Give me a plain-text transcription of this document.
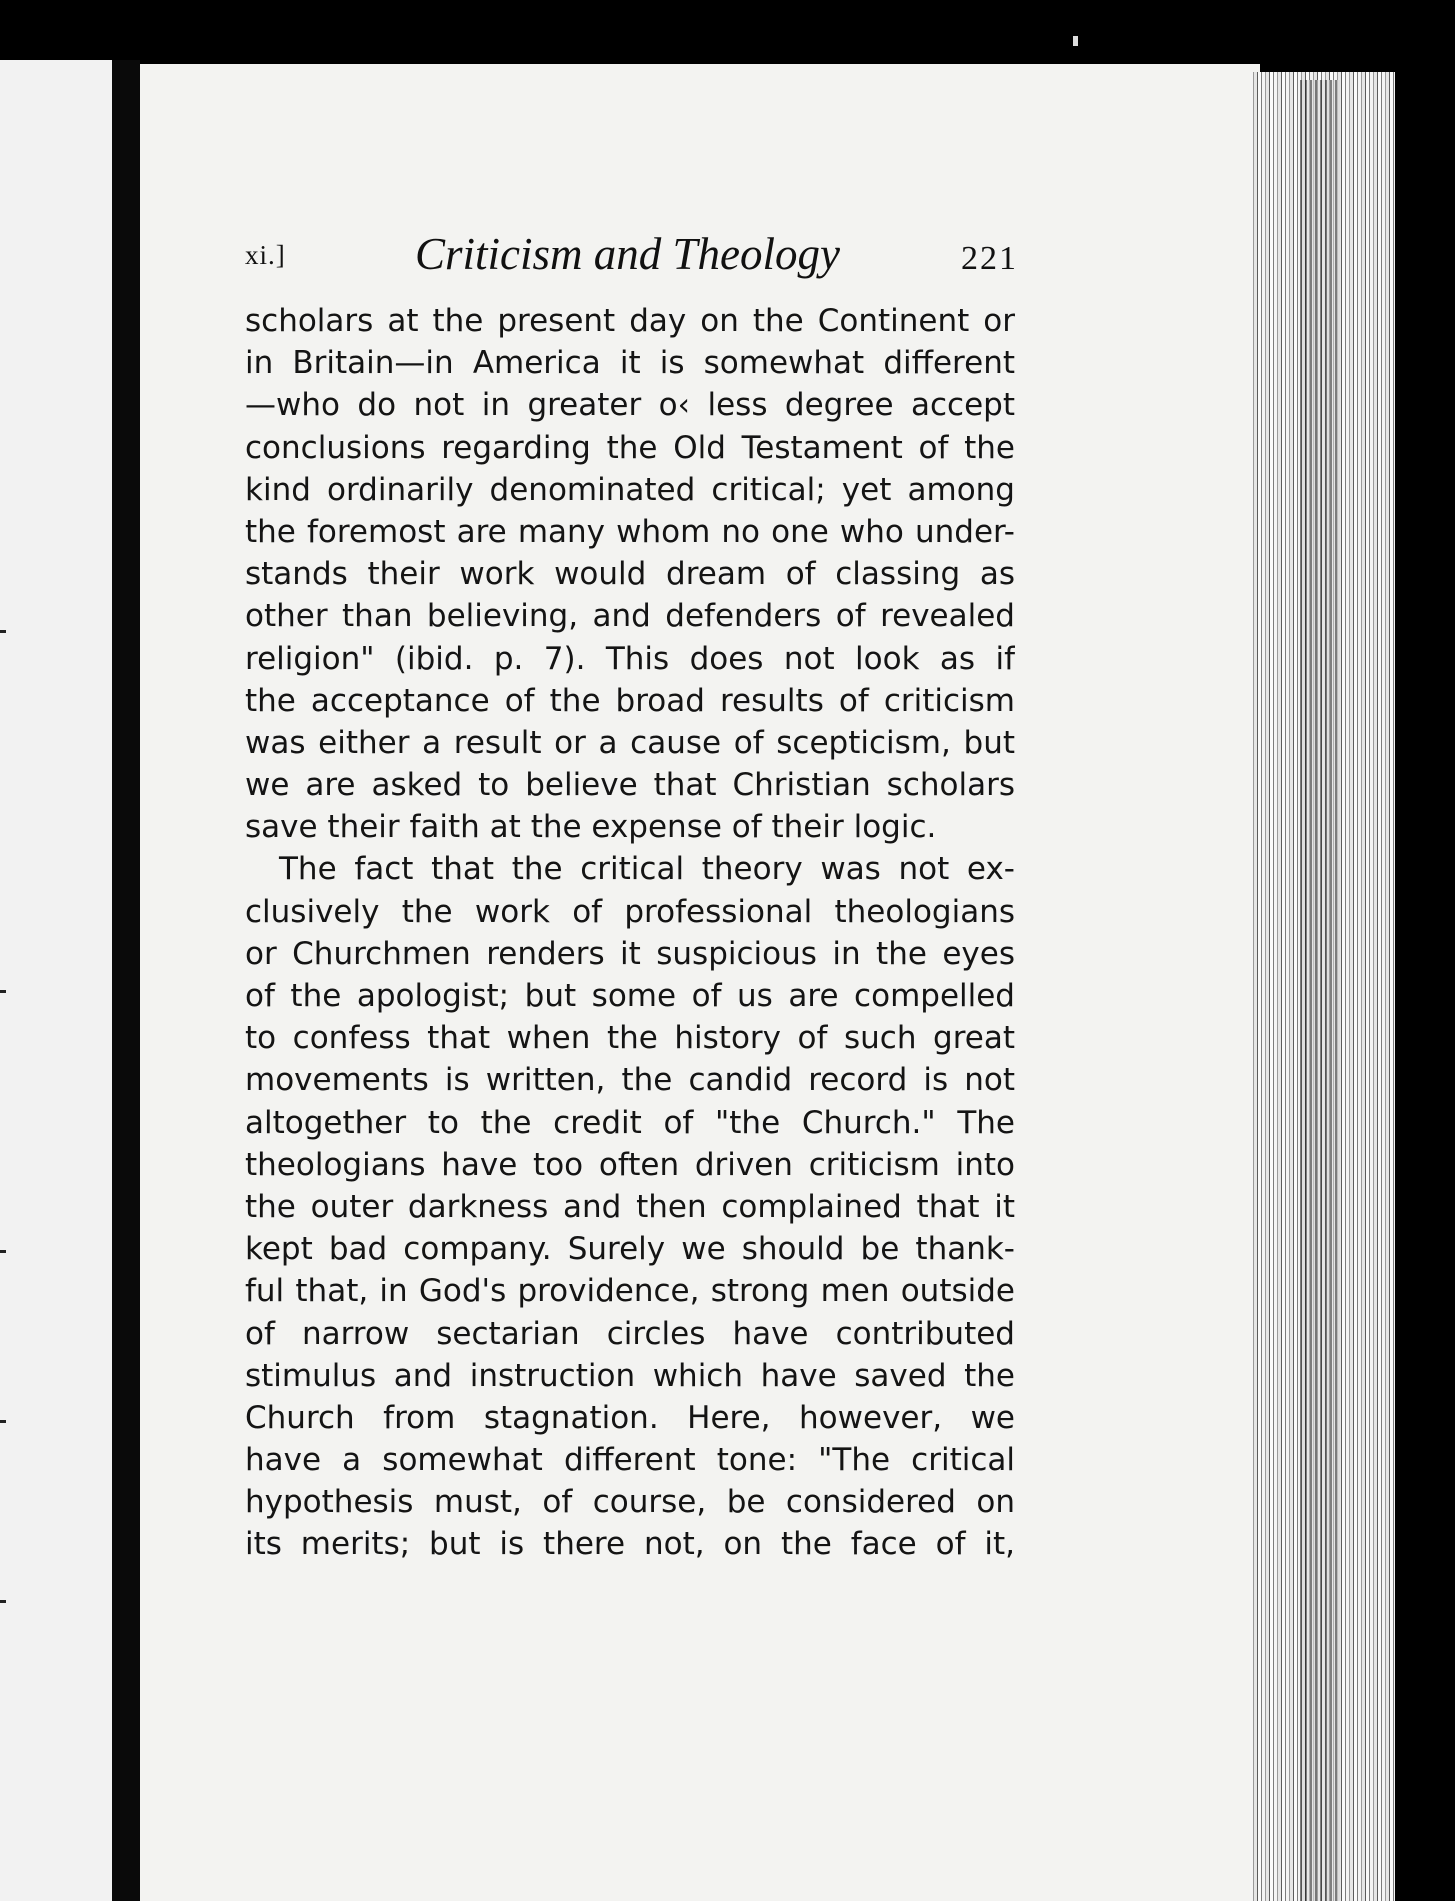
xi.]	Criticism and Theology	221
scholars at the present day on the Continent or
in Britain—in America it is somewhat different
—who do not in greater o‹ less degree accept
conclusions regarding the Old Testament of the
kind ordinarily denominated critical; yet among
the foremost are many whom no one who under-
stands their work would dream of classing as
other than believing, and defenders of revealed
religion" (ibid. p. 7). This does not look as if
the acceptance of the broad results of criticism
was either a result or a cause of scepticism, but
we are asked to believe that Christian scholars
save their faith at the expense of their logic.
The fact that the critical theory was not ex-
clusively the work of professional theologians
or Churchmen renders it suspicious in the eyes
of the apologist; but some of us are compelled
to confess that when the history of such great
movements is written, the candid record is not
altogether to the credit of "the Church." The
theologians have too often driven criticism into
the outer darkness and then complained that it
kept bad company. Surely we should be thank-
ful that, in God's providence, strong men outside
of narrow sectarian circles have contributed
stimulus and instruction which have saved the
Church from stagnation. Here, however, we
have a somewhat different tone: "The critical
hypothesis must, of course, be considered on
its merits; but is there not, on the face of it,
